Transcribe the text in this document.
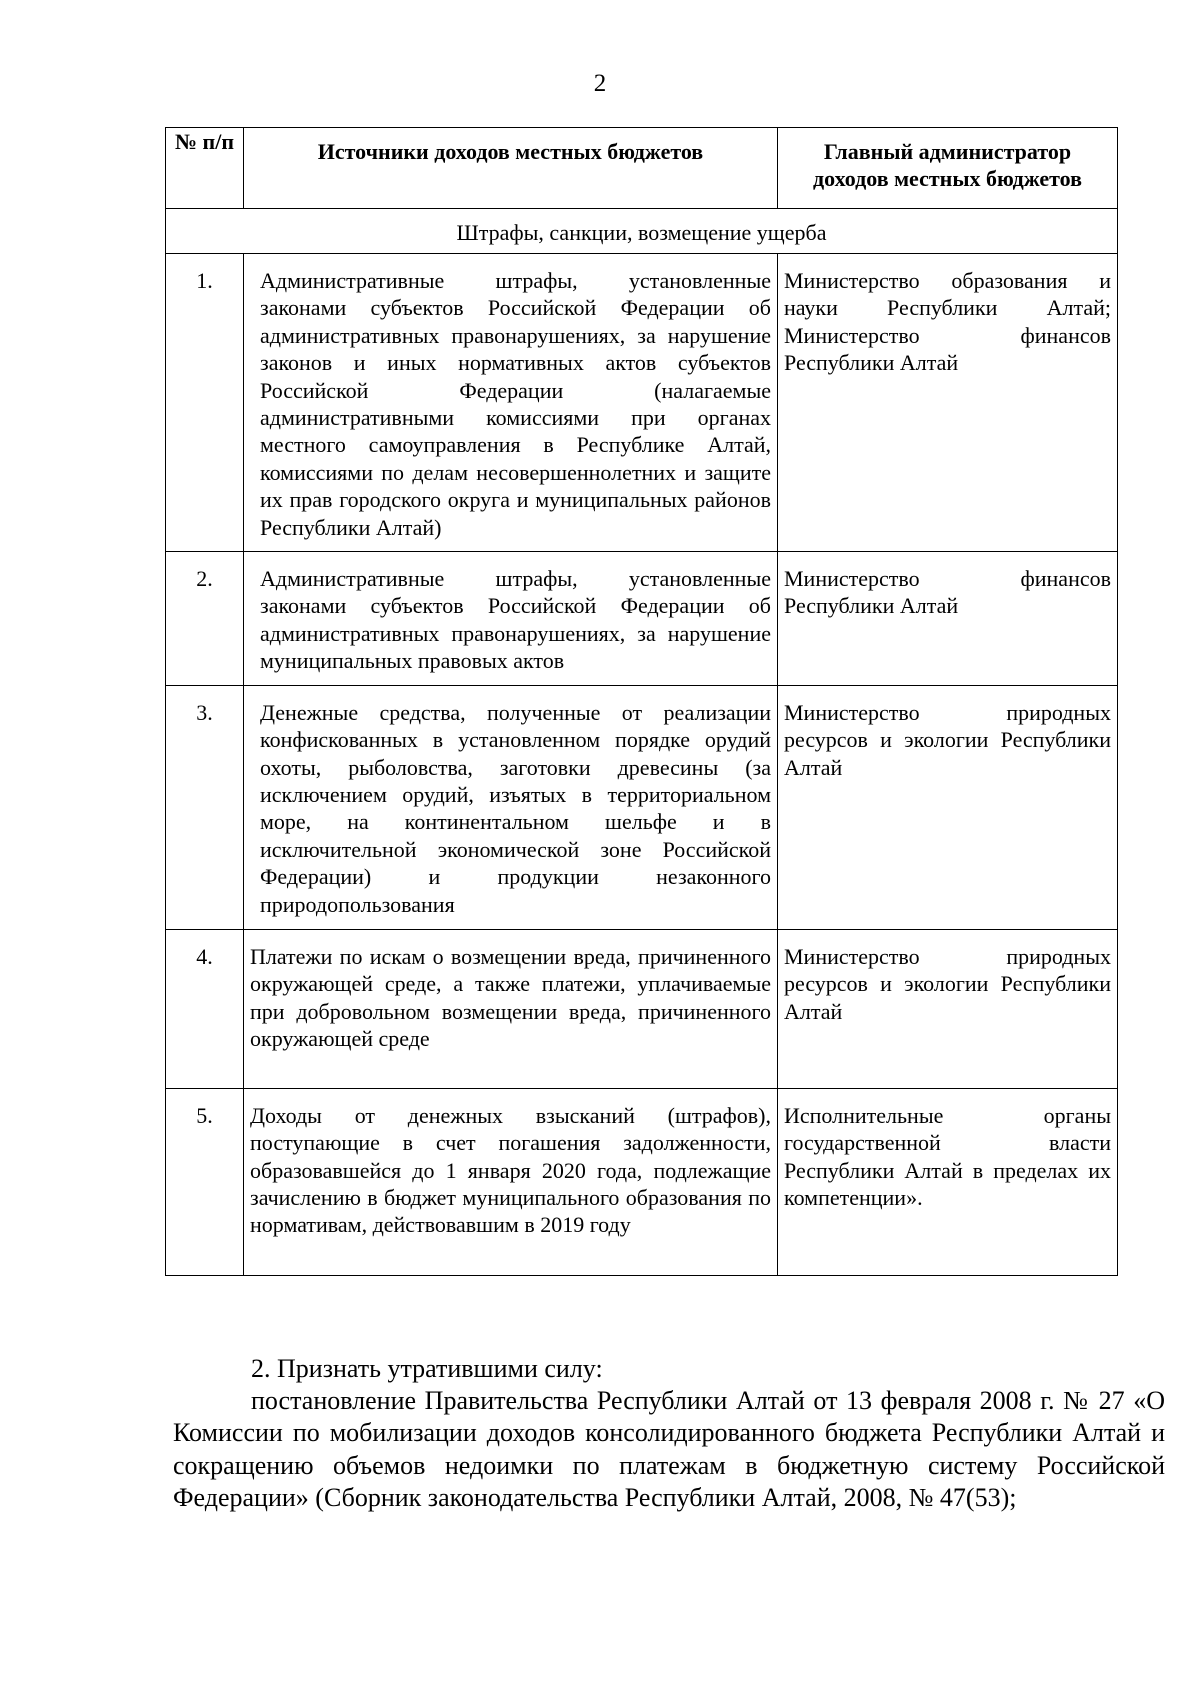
2
№ п/п	Источники доходов местных бюджетов	Главный администратор доходов местных бюджетов
Штрафы, санкции, возмещение ущерба		
1.	Административные штрафы, установленные законами субъектов Российской Федерации об административных правонарушениях, за нарушение законов и иных нормативных актов субъектов Российской Федерации (налагаемые административными комиссиями при органах местного самоуправления в Республике Алтай, комиссиями по делам несовершеннолетних и защите их прав городского округа и муниципальных районов Республики Алтай)	Министерство образования и науки Республики Алтай; Министерство финансов Республики Алтай
2.	Административные штрафы, установленные законами субъектов Российской Федерации об административных правонарушениях, за нарушение муниципальных правовых актов	Министерство финансов Республики Алтай
3.	Денежные средства, полученные от реализации конфискованных в установленном порядке орудий охоты, рыболовства, заготовки древесины (за исключением орудий, изъятых в территориальном море, на континентальном шельфе и в исключительной экономической зоне Российской Федерации) и продукции незаконного природопользования	Министерство природных ресурсов и экологии Республики Алтай
4.	Платежи по искам о возмещении вреда, причиненного окружающей среде, а также платежи, уплачиваемые при добровольном возмещении вреда, причиненного окружающей среде	Министерство природных ресурсов и экологии Республики Алтай
5.	Доходы от денежных взысканий (штрафов), поступающие в счет погашения задолженности, образовавшейся до 1 января 2020 года, подлежащие зачислению в бюджет муниципального образования по нормативам, действовавшим в 2019 году	Исполнительные органы государственной власти Республики Алтай в пределах их компетенции».

2. Признать утратившими силу:

постановление Правительства Республики Алтай от 13 февраля 2008 г. № 27 «О Комиссии по мобилизации доходов консолидированного бюджета Республики Алтай и сокращению объемов недоимки по платежам в бюджетную систему Российской Федерации» (Сборник законодательства Республики Алтай, 2008, № 47(53);
